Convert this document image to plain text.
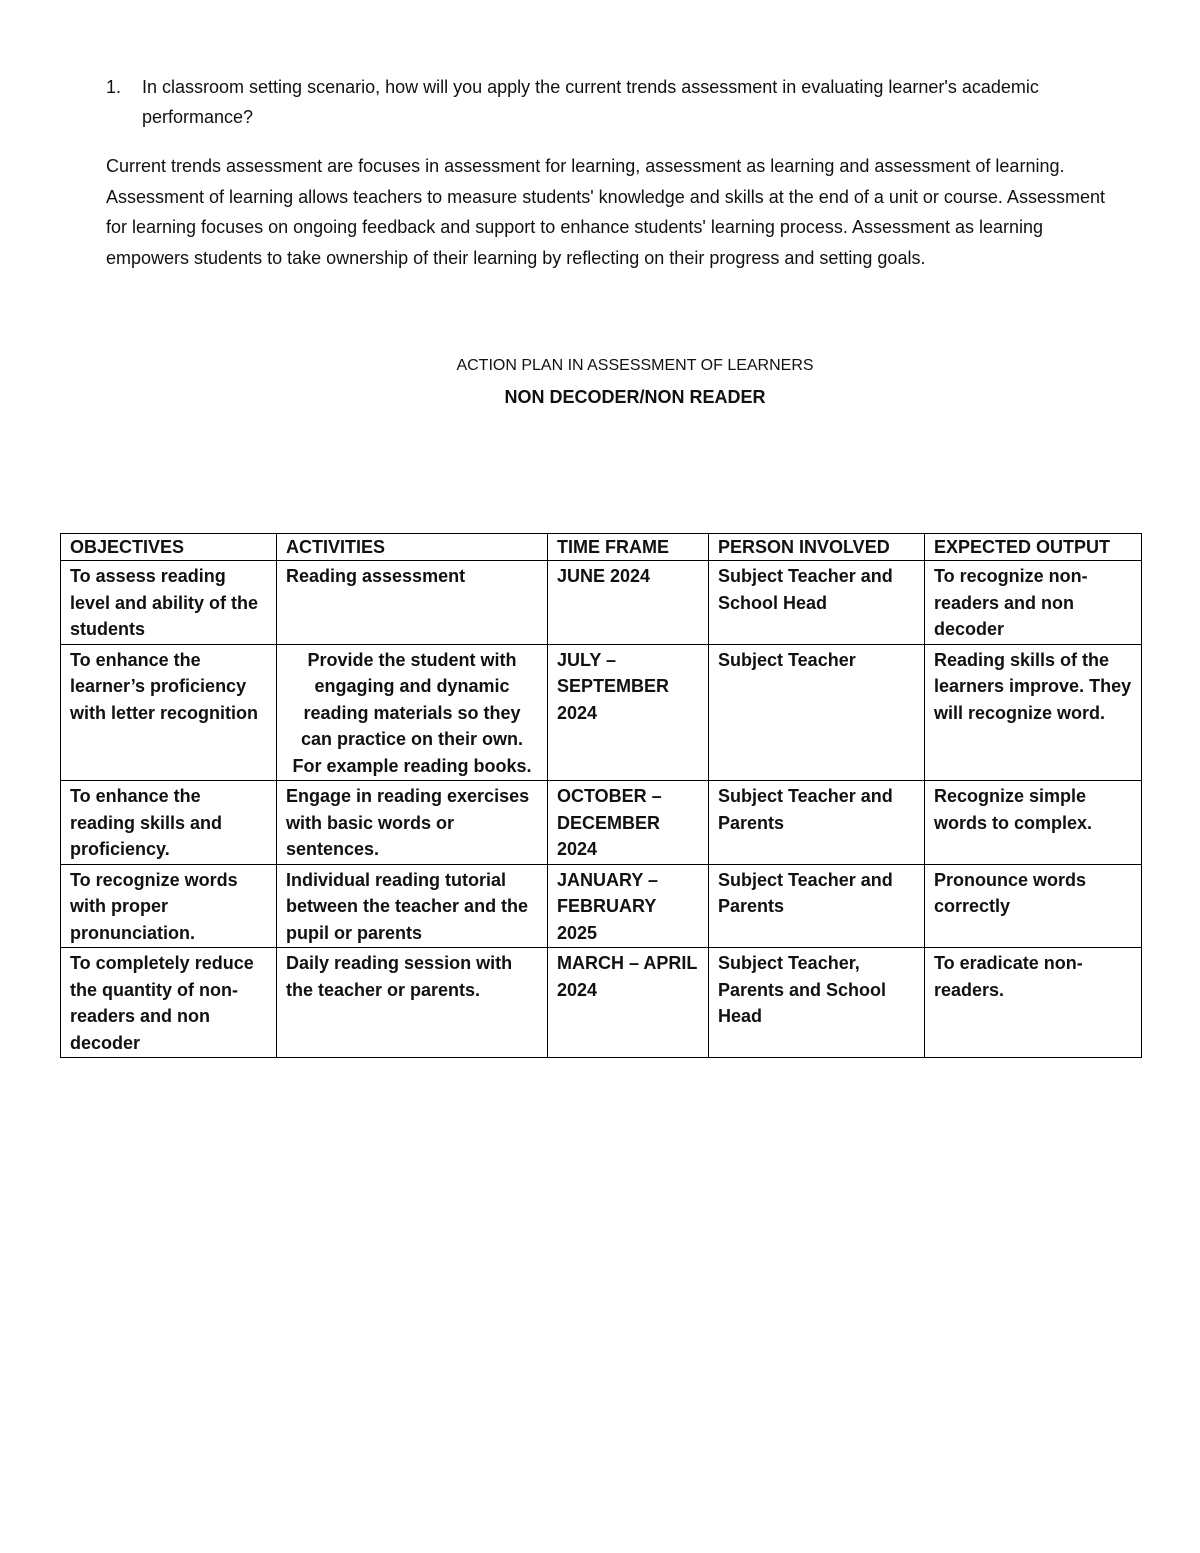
1.	In classroom setting scenario, how will you apply the current trends assessment in evaluating learner's academic performance?

Current trends assessment are focuses in assessment for learning, assessment as learning and assessment of learning. Assessment of learning allows teachers to measure students' knowledge and skills at the end of a unit or course. Assessment for learning focuses on ongoing feedback and support to enhance students' learning process. Assessment as learning empowers students to take ownership of their learning by reflecting on their progress and setting goals.

ACTION PLAN IN ASSESSMENT OF LEARNERS
NON DECODER/NON READER
OBJECTIVES	ACTIVITIES	TIME FRAME	PERSON INVOLVED	EXPECTED OUTPUT
To assess reading level and ability of the students	Reading assessment	JUNE 2024	Subject Teacher and School Head	To recognize non-readers and non decoder
To enhance the learner’s proficiency with letter recognition	Provide the student with engaging and dynamic reading materials so they can practice on their own. For example reading books.	JULY – SEPTEMBER 2024	Subject Teacher	Reading skills of the learners improve. They will recognize word.
To enhance the reading skills and proficiency.	Engage in reading exercises with basic words or sentences.	OCTOBER – DECEMBER 2024	Subject Teacher and Parents	Recognize simple words to complex.
To recognize words with proper pronunciation.	Individual reading tutorial between the teacher and the pupil or parents	JANUARY – FEBRUARY 2025	Subject Teacher and Parents	Pronounce words correctly
To completely reduce the quantity of non-readers and non decoder	Daily reading session with the teacher or parents.	MARCH – APRIL 2024	Subject Teacher, Parents and School Head	To eradicate non-readers.
